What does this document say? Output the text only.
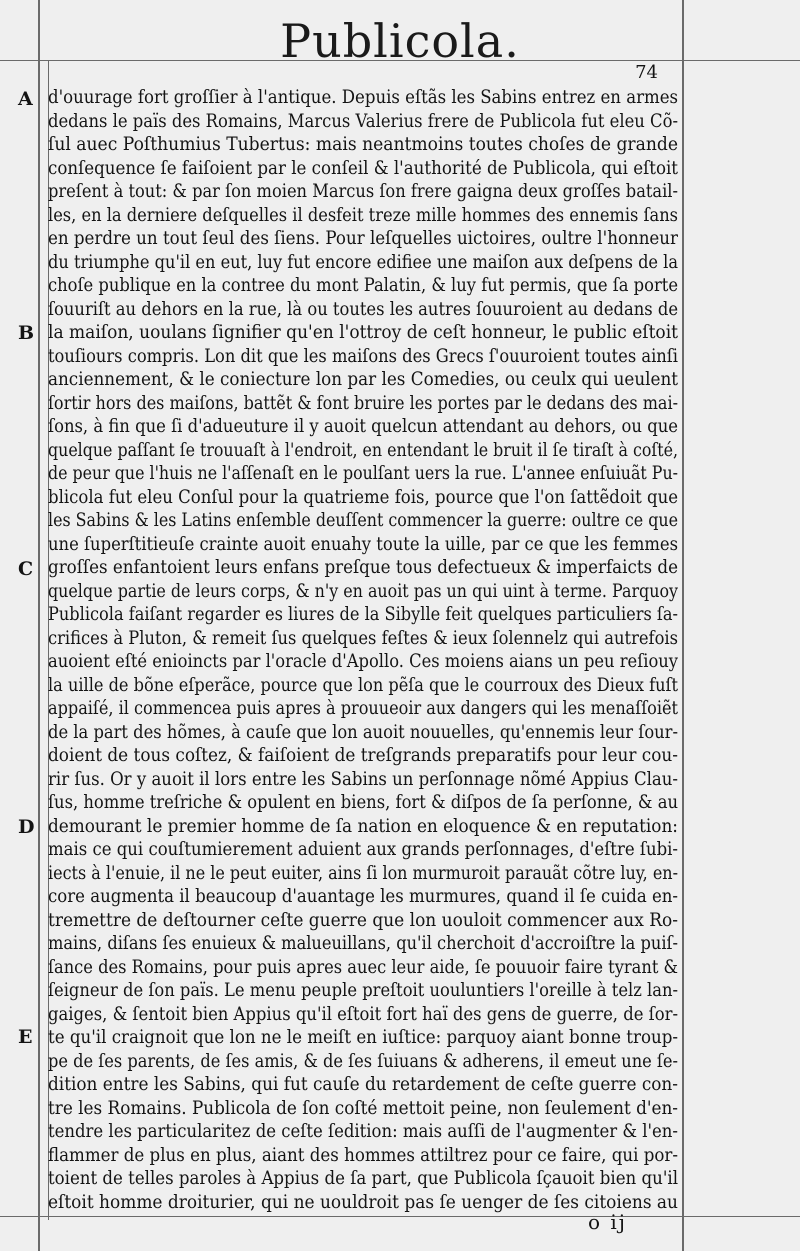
Publicola.
74
A
B
C
D
E
d'ouurage fort groſſier à l'antique. Depuis eſtãs les Sabins entrez en armes
dedans le païs des Romains, Marcus Valerius frere de Publicola fut eleu Cõ-
ſul auec Poſthumius Tubertus: mais neantmoins toutes choſes de grande
conſequence ſe faiſoient par le conſeil & l'authorité de Publicola, qui eſtoit
preſent à tout: & par ſon moien Marcus ſon frere gaigna deux groſſes batail-
les, en la derniere deſquelles il desfeit treze mille hommes des ennemis ſans
en perdre un tout ſeul des ſiens. Pour leſquelles uictoires, oultre l'honneur
du triumphe qu'il en eut, luy fut encore edifiee une maiſon aux deſpens de la
choſe publique en la contree du mont Palatin, & luy fut permis, que ſa porte
ſouuriſt au dehors en la rue, là ou toutes les autres ſouuroient au dedans de
la maiſon, uoulans ſignifier qu'en l'ottroy de ceſt honneur, le public eſtoit
touſiours compris. Lon dit que les maiſons des Grecs ſ'ouuroient toutes ainſi
anciennement, & le coniecture lon par les Comedies, ou ceulx qui ueulent
ſortir hors des maiſons, battẽt & font bruire les portes par le dedans des mai-
ſons, à fin que ſi d'adueuture il y auoit quelcun attendant au dehors, ou que
quelque paſſant ſe trouuaſt à l'endroit, en entendant le bruit il ſe tiraſt à coſté,
de peur que l'huis ne l'aſſenaſt en le poulſant uers la rue. L'annee enſuiuãt Pu-
blicola fut eleu Conſul pour la quatrieme fois, pource que l'on ſattẽdoit que
les Sabins & les Latins enſemble deuſſent commencer la guerre: oultre ce que
une ſuperſtitieuſe crainte auoit enuahy toute la uille, par ce que les femmes
groſſes enfantoient leurs enfans preſque tous defectueux & imperfaicts de
quelque partie de leurs corps, & n'y en auoit pas un qui uint à terme. Parquoy
Publicola faiſant regarder es liures de la Sibylle feit quelques particuliers ſa-
crifices à Pluton, & remeit ſus quelques feſtes & ieux ſolennelz qui autrefois
auoient eſté enioincts par l'oracle d'Apollo. Ces moiens aians un peu reſiouy
la uille de bõne eſperãce, pource que lon pẽſa que le courroux des Dieux fuſt
appaiſé, il commencea puis apres à prouueoir aux dangers qui les menaſſoiẽt
de la part des hõmes, à cauſe que lon auoit nouuelles, qu'ennemis leur ſour-
doient de tous coſtez, & faiſoient de treſgrands preparatifs pour leur cou-
rir ſus. Or y auoit il lors entre les Sabins un perſonnage nõmé Appius Clau-
ſus, homme treſriche & opulent en biens, fort & diſpos de ſa perſonne, & au
demourant le premier homme de ſa nation en eloquence & en reputation:
mais ce qui couſtumierement aduient aux grands perſonnages, d'eſtre ſubi-
iects à l'enuie, il ne le peut euiter, ains ſi lon murmuroit parauãt cõtre luy, en-
core augmenta il beaucoup d'auantage les murmures, quand il ſe cuida en-
tremettre de deſtourner ceſte guerre que lon uouloit commencer aux Ro-
mains, diſans ſes enuieux & malueuillans, qu'il cherchoit d'accroiſtre la puiſ-
ſance des Romains, pour puis apres auec leur aide, ſe pouuoir faire tyrant &
ſeigneur de ſon païs. Le menu peuple preſtoit uouluntiers l'oreille à telz lan-
gaiges, & ſentoit bien Appius qu'il eſtoit fort haï des gens de guerre, de ſor-
te qu'il craignoit que lon ne le meiſt en iuſtice: parquoy aiant bonne troup-
pe de ſes parents, de ſes amis, & de ſes ſuiuans & adherens, il emeut une ſe-
dition entre les Sabins, qui fut cauſe du retardement de ceſte guerre con-
tre les Romains. Publicola de ſon coſté mettoit peine, non ſeulement d'en-
tendre les particularitez de ceſte ſedition: mais auſſi de l'augmenter & l'en-
flammer de plus en plus, aiant des hommes attiltrez pour ce faire, qui por-
toient de telles paroles à Appius de ſa part, que Publicola ſçauoit bien qu'il
eſtoit homme droiturier, qui ne uouldroit pas ſe uenger de ſes citoiens au
o ij
